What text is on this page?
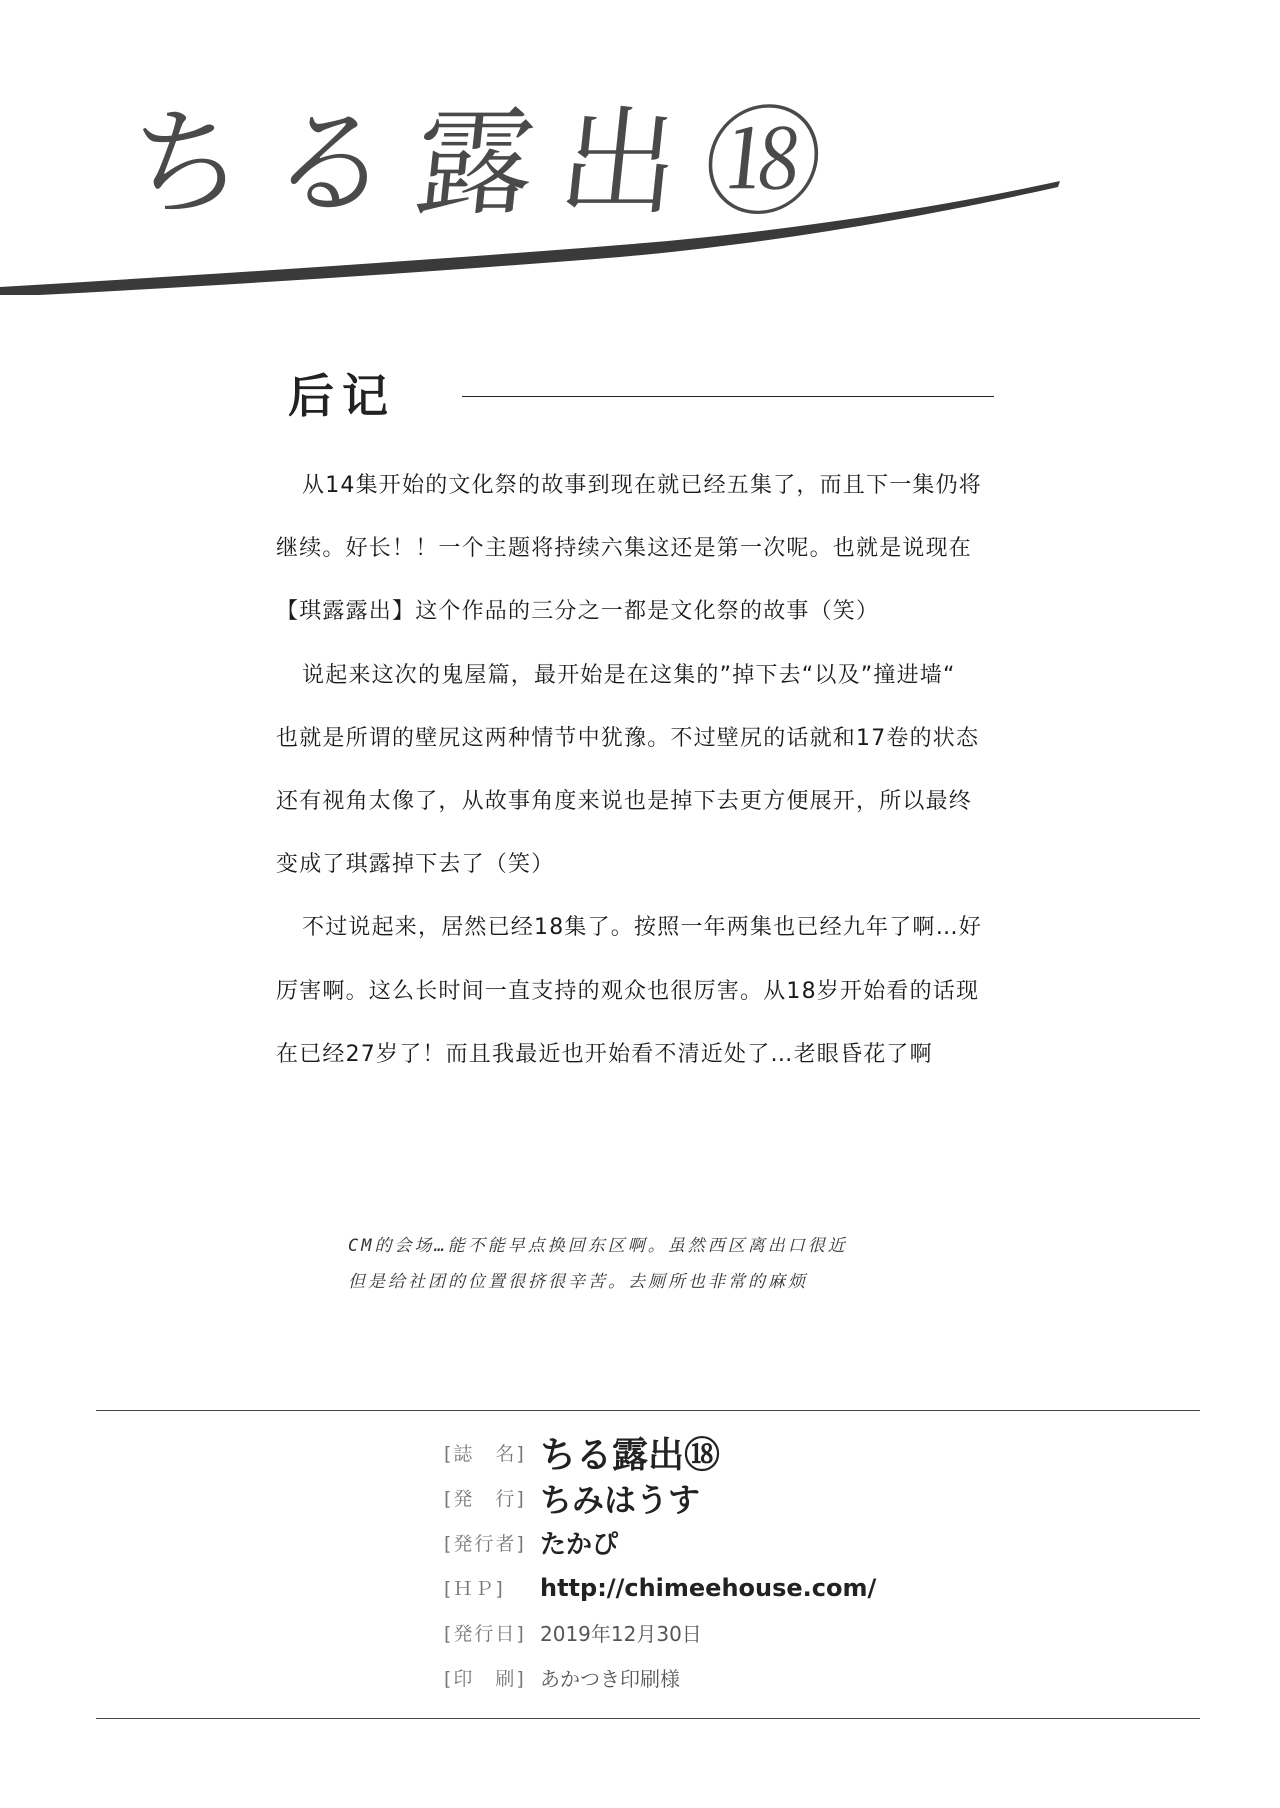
ちる露出⑱
后记
从14集开始的文化祭的故事到现在就已经五集了，而且下一集仍将
继续。好长！！一个主题将持续六集这还是第一次呢。也就是说现在
【琪露露出】这个作品的三分之一都是文化祭的故事（笑）
说起来这次的鬼屋篇，最开始是在这集的”掉下去“以及”撞进墙“
也就是所谓的壁尻这两种情节中犹豫。不过壁尻的话就和17卷的状态
还有视角太像了，从故事角度来说也是掉下去更方便展开，所以最终
变成了琪露掉下去了（笑）
不过说起来，居然已经18集了。按照一年两集也已经九年了啊…好
厉害啊。这么长时间一直支持的观众也很厉害。从18岁开始看的话现
在已经27岁了！而且我最近也开始看不清近处了…老眼昏花了啊
CM的会场…能不能早点换回东区啊。虽然西区离出口很近
但是给社团的位置很挤很辛苦。去厕所也非常的麻烦
[誌　名] ちる露出⑱
[発　行] ちみはうす
[発行者] たかぴ
[ＨＰ]	http://chimeehouse.com/
[発行日] 2019年12月30日
[印　刷] あかつき印刷様
